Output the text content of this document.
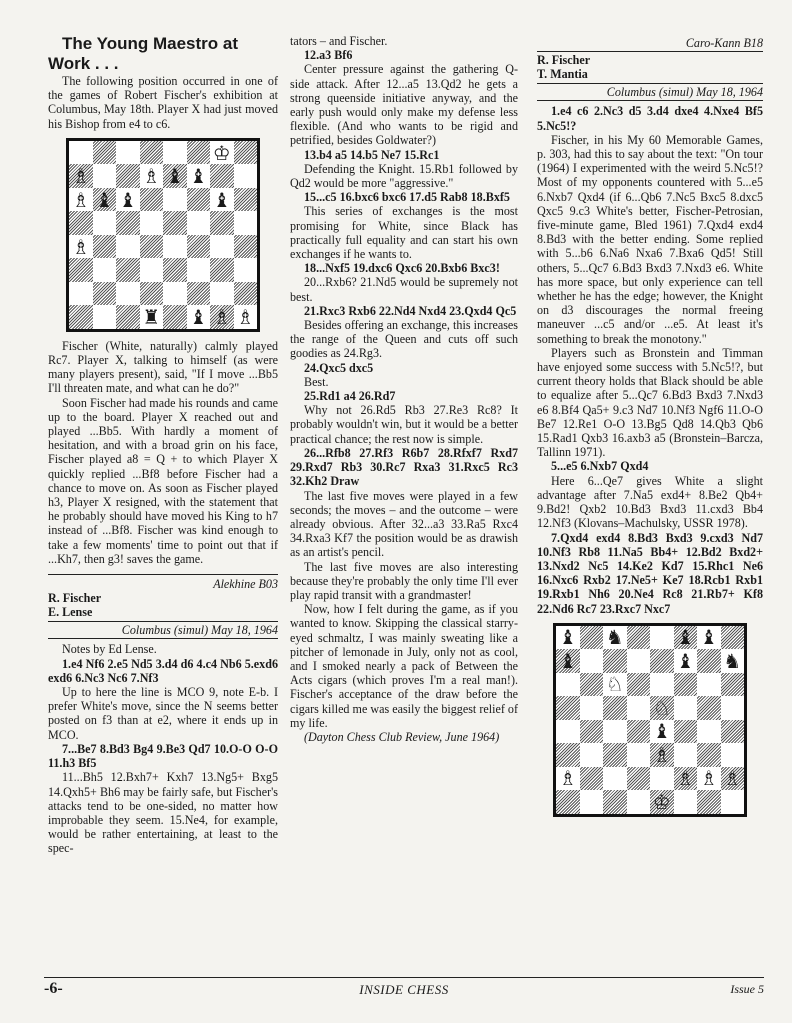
The Young Maestro at Work . . .

The following position occurred in one of the games of Robert Fischer's exhibition at Columbus, May 18th. Player X had just moved his Bishop from e4 to c6.

♔
♗	♗ ♝ ♝
♗ ♝ ♝	♝
♗
♜ ♝ ♗ ♗

Fischer (White, naturally) calmly played Rc7. Player X, talking to himself (as were many players present), said, "If I move ...Bb5 I'll threaten mate, and what can he do?"

Soon Fischer had made his rounds and came up to the board. Player X reached out and played ...Bb5. With hardly a moment of hesitation, and with a broad grin on his face, Fischer played a8 = Q + to which Player X quickly replied ...Bf8 before Fischer had a chance to move on. As soon as Fischer played h3, Player X resigned, with the statement that he probably should have moved his King to h7 instead of ...Bf8. Fischer was kind enough to take a few moments' time to point out that if ...Kh7, then g3! saves the game.

Alekhine B03
R. Fischer
E. Lense
Columbus (simul) May 18, 1964

Notes by Ed Lense.

1.e4 Nf6 2.e5 Nd5 3.d4 d6 4.c4 Nb6 5.exd6 exd6 6.Nc3 Nc6 7.Nf3

Up to here the line is MCO 9, note E-b. I prefer White's move, since the N seems better posted on f3 than at e2, where it ends up in MCO.

7...Be7 8.Bd3 Bg4 9.Be3 Qd7 10.O-O O-O 11.h3 Bf5

11...Bh5 12.Bxh7+ Kxh7 13.Ng5+ Bxg5 14.Qxh5+ Bh6 may be fairly safe, but Fischer's attacks tend to be one-sided, no matter how improbable they seem. 15.Ne4, for example, would be rather entertaining, at least to the spec-

tators – and Fischer.

12.a3 Bf6

Center pressure against the gathering Q-side attack. After 12...a5 13.Qd2 he gets a strong queenside initiative anyway, and the early push would only make my defense less flexible. (And who wants to be rigid and petrified, besides Goldwater?)

13.b4 a5 14.b5 Ne7 15.Rc1

Defending the Knight. 15.Rb1 followed by Qd2 would be more "aggressive."

15...c5 16.bxc6 bxc6 17.d5 Rab8 18.Bxf5

This series of exchanges is the most promising for White, since Black has practically full equality and can start his own exchanges if he wants to.

18...Nxf5 19.dxc6 Qxc6 20.Bxb6 Bxc3!

20...Rxb6? 21.Nd5 would be supremely not best.

21.Rxc3 Rxb6 22.Nd4 Nxd4 23.Qxd4 Qc5

Besides offering an exchange, this increases the range of the Queen and cuts off such goodies as 24.Rg3.

24.Qxc5 dxc5

Best.

25.Rd1 a4 26.Rd7

Why not 26.Rd5 Rb3 27.Re3 Rc8? It probably wouldn't win, but it would be a better practical chance; the rest now is simple.

26...Rfb8 27.Rf3 R6b7 28.Rfxf7 Rxd7 29.Rxd7 Rb3 30.Rc7 Rxa3 31.Rxc5 Rc3 32.Kh2 Draw

The last five moves were played in a few seconds; the moves – and the outcome – were already obvious. After 32...a3 33.Ra5 Rxc4 34.Rxa3 Kf7 the position would be as drawish as an artist's pencil.

The last five moves are also interesting because they're probably the only time I'll ever play rapid transit with a grandmaster!

Now, how I felt during the game, as if you wanted to know. Skipping the classical starry-eyed schmaltz, I was mainly sweating like a pitcher of lemonade in July, only not as cool, and I smoked nearly a pack of Between the Acts cigars (which proves I'm a real man!). Fischer's acceptance of the draw before the cigars killed me was easily the biggest relief of my life.

(Dayton Chess Club Review, June 1964)

Caro-Kann B18
R. Fischer
T. Mantia
Columbus (simul) May 18, 1964

1.e4 c6 2.Nc3 d5 3.d4 dxe4 4.Nxe4 Bf5 5.Nc5!?

Fischer, in his My 60 Memorable Games, p. 303, had this to say about the text: "On tour (1964) I experimented with the weird 5.Nc5!? Most of my opponents countered with 5...e5 6.Nxb7 Qxd4 (if 6...Qb6 7.Nc5 Bxc5 8.dxc5 Qxc5 9.c3 White's better, Fischer-Petrosian, five-minute game, Bled 1961) 7.Qxd4 exd4 8.Bd3 with the better ending. Some replied with 5...b6 6.Na6 Nxa6 7.Bxa6 Qd5! Still others, 5...Qc7 6.Bd3 Bxd3 7.Nxd3 e6. White has more space, but only experience can tell whether he has the edge; however, the Knight on d3 discourages the normal freeing maneuver ...c5 and/or ...e5. At least it's something to break the monotony."

Players such as Bronstein and Timman have enjoyed some success with 5.Nc5!?, but current theory holds that Black should be able to equalize after 5...Qc7 6.Bd3 Bxd3 7.Nxd3 e6 8.Bf4 Qa5+ 9.c3 Nd7 10.Nf3 Ngf6 11.O-O Be7 12.Re1 O-O 13.Bg5 Qd8 14.Qb3 Qb6 15.Rad1 Qxb3 16.axb3 a5 (Bronstein–Barcza, Tallinn 1971).

5...e5 6.Nxb7 Qxd4

Here 6...Qe7 gives White a slight advantage after 7.Na5 exd4+ 8.Be2 Qb4+ 9.Bd2! Qxb2 10.Bd3 Bxd3 11.cxd3 Bb4 12.Nf3 (Klovans–Machulsky, USSR 1978).

7.Qxd4 exd4 8.Bd3 Bxd3 9.cxd3 Nd7 10.Nf3 Rb8 11.Na5 Bb4+ 12.Bd2 Bxd2+ 13.Nxd2 Nc5 14.Ke2 Kd7 15.Rhc1 Ne6 16.Nxc6 Rxb2 17.Ne5+ Ke7 18.Rcb1 Rxb1 19.Rxb1 Nh6 20.Ne4 Rc8 21.Rb7+ Kf8 22.Nd6 Rc7 23.Rxc7 Nxc7

♝ ♞	♝ ♝
♝	♝ ♞
♘
♘
♝
♗
♗	♗ ♗ ♗
♔
-6-	INSIDE CHESS	Issue 5
